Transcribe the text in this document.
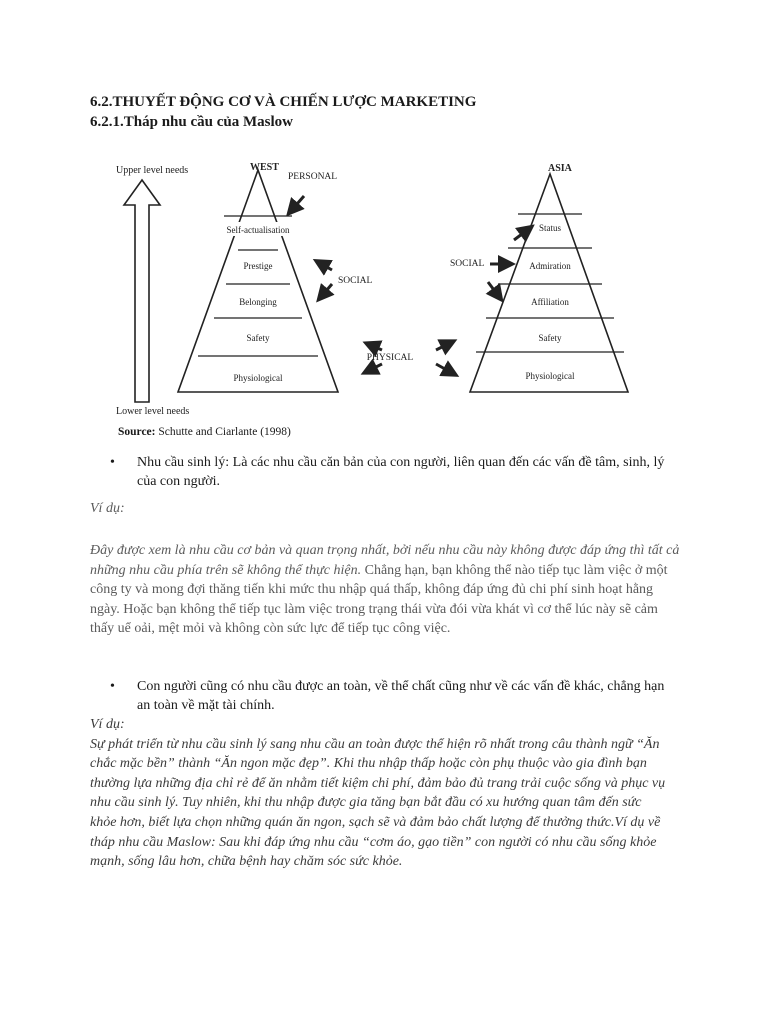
6.2.THUYẾT ĐỘNG CƠ VÀ CHIẾN LƯỢC MARKETING
6.2.1.Tháp nhu cầu của Maslow
Upper level needs
Lower level needs
WEST
PERSONAL
Self-actualisation
Prestige
Belonging
Safety
Physiological
SOCIAL
PHYSICAL
ASIA
Status
Admiration
Affiliation
Safety
Physiological
SOCIAL
Source: Schutte and Ciarlante (1998)
• Nhu cầu sinh lý: Là các nhu cầu căn bản của con người, liên quan đến các vấn đề tâm, sinh, lý của con người.
Ví dụ:

Đây được xem là nhu cầu cơ bản và quan trọng nhất, bởi nếu nhu cầu này không được đáp ứng thì tất cả những nhu cầu phía trên sẽ không thể thực hiện. Chẳng hạn, bạn không thể nào tiếp tục làm việc ở một công ty và mong đợi thăng tiến khi mức thu nhập quá thấp, không đáp ứng đủ chi phí sinh hoạt hằng ngày. Hoặc bạn không thể tiếp tục làm việc trong trạng thái vừa đói vừa khát vì cơ thể lúc này sẽ cảm thấy uể oải, mệt mỏi và không còn sức lực để tiếp tục công việc.

• Con người cũng có nhu cầu được an toàn, về thể chất cũng như về các vấn đề khác, chẳng hạn an toàn về mặt tài chính.
Ví dụ:
Sự phát triển từ nhu cầu sinh lý sang nhu cầu an toàn được thể hiện rõ nhất trong câu thành ngữ “Ăn chắc mặc bền” thành “Ăn ngon mặc đẹp”. Khi thu nhập thấp hoặc còn phụ thuộc vào gia đình bạn thường lựa những địa chỉ rẻ để ăn nhằm tiết kiệm chi phí, đảm bảo đủ trang trải cuộc sống và phục vụ nhu cầu sinh lý. Tuy nhiên, khi thu nhập được gia tăng bạn bắt đầu có xu hướng quan tâm đến sức khỏe hơn, biết lựa chọn những quán ăn ngon, sạch sẽ và đảm bảo chất lượng để thưởng thức.Ví dụ về tháp nhu cầu Maslow: Sau khi đáp ứng nhu cầu “cơm áo, gạo tiền” con người có nhu cầu sống khỏe mạnh, sống lâu hơn, chữa bệnh hay chăm sóc sức khỏe.
